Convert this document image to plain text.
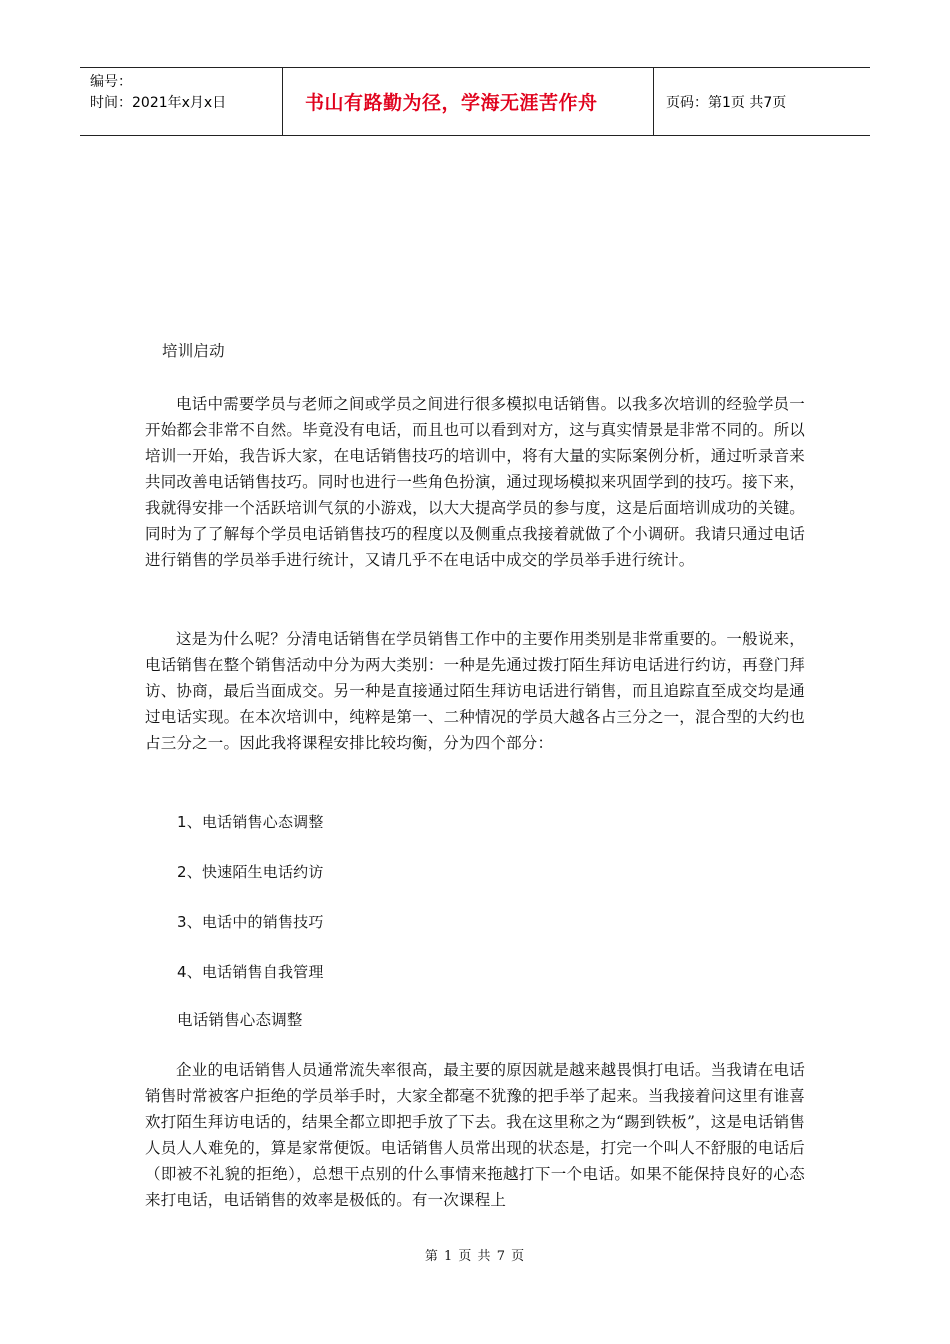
编号：
时间：2021年x月x日	书山有路勤为径，学海无涯苦作舟	页码：第1页 共7页

培训启动

电话中需要学员与老师之间或学员之间进行很多模拟电话销售。以我多次培训的经验学员一开始都会非常不自然。毕竟没有电话，而且也可以看到对方，这与真实情景是非常不同的。所以培训一开始，我告诉大家，在电话销售技巧的培训中，将有大量的实际案例分析，通过听录音来共同改善电话销售技巧。同时也进行一些角色扮演，通过现场模拟来巩固学到的技巧。接下来，我就得安排一个活跃培训气氛的小游戏，以大大提高学员的参与度，这是后面培训成功的关键。同时为了了解每个学员电话销售技巧的程度以及侧重点我接着就做了个小调研。我请只通过电话进行销售的学员举手进行统计，又请几乎不在电话中成交的学员举手进行统计。

这是为什么呢？分清电话销售在学员销售工作中的主要作用类别是非常重要的。一般说来，电话销售在整个销售活动中分为两大类别：一种是先通过拨打陌生拜访电话进行约访，再登门拜访、协商，最后当面成交。另一种是直接通过陌生拜访电话进行销售，而且追踪直至成交均是通过电话实现。在本次培训中，纯粹是第一、二种情况的学员大越各占三分之一，混合型的大约也占三分之一。因此我将课程安排比较均衡，分为四个部分：

1、电话销售心态调整

2、快速陌生电话约访

3、电话中的销售技巧

4、电话销售自我管理

电话销售心态调整

企业的电话销售人员通常流失率很高，最主要的原因就是越来越畏惧打电话。当我请在电话销售时常被客户拒绝的学员举手时，大家全都毫不犹豫的把手举了起来。当我接着问这里有谁喜欢打陌生拜访电话的，结果全都立即把手放了下去。我在这里称之为“踢到铁板”，这是电话销售人员人人难免的，算是家常便饭。电话销售人员常出现的状态是，打完一个叫人不舒服的电话后（即被不礼貌的拒绝），总想干点别的什么事情来拖越打下一个电话。如果不能保持良好的心态来打电话，电话销售的效率是极低的。有一次课程上

第 1 页 共 7 页
